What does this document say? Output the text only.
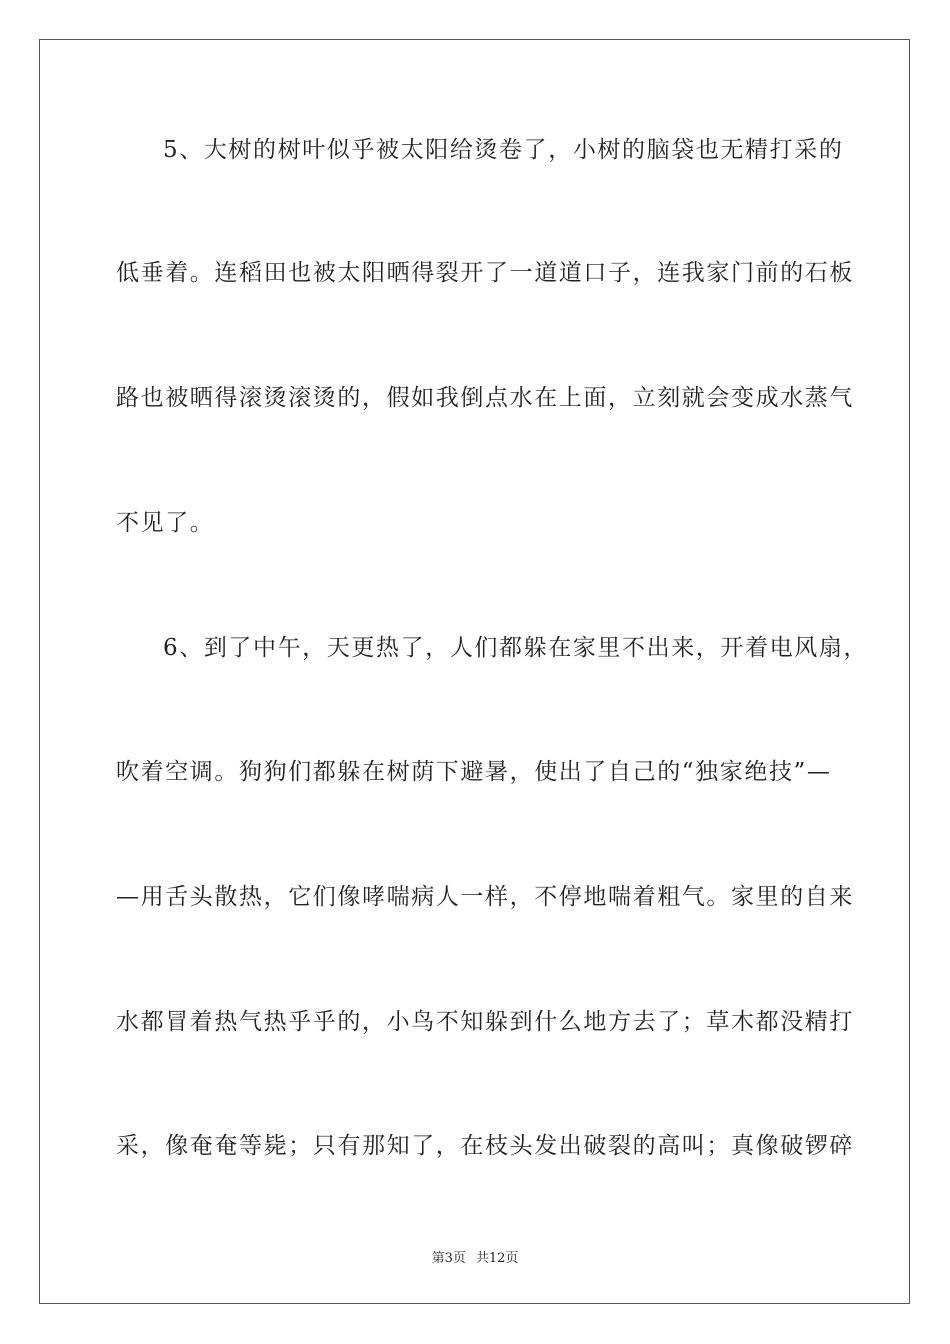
5、大树的树叶似乎被太阳给烫卷了，小树的脑袋也无精打采的
低垂着。连稻田也被太阳晒得裂开了一道道口子，连我家门前的石板
路也被晒得滚烫滚烫的，假如我倒点水在上面，立刻就会变成水蒸气
不见了。
6、到了中午，天更热了，人们都躲在家里不出来，开着电风扇，
吹着空调。狗狗们都躲在树荫下避暑，使出了自己的“独家绝技”—
—用舌头散热，它们像哮喘病人一样，不停地喘着粗气。家里的自来
水都冒着热气热乎乎的，小鸟不知躲到什么地方去了；草木都没精打
采，像奄奄等毙；只有那知了，在枝头发出破裂的高叫；真像破锣碎
第3页 共12页
